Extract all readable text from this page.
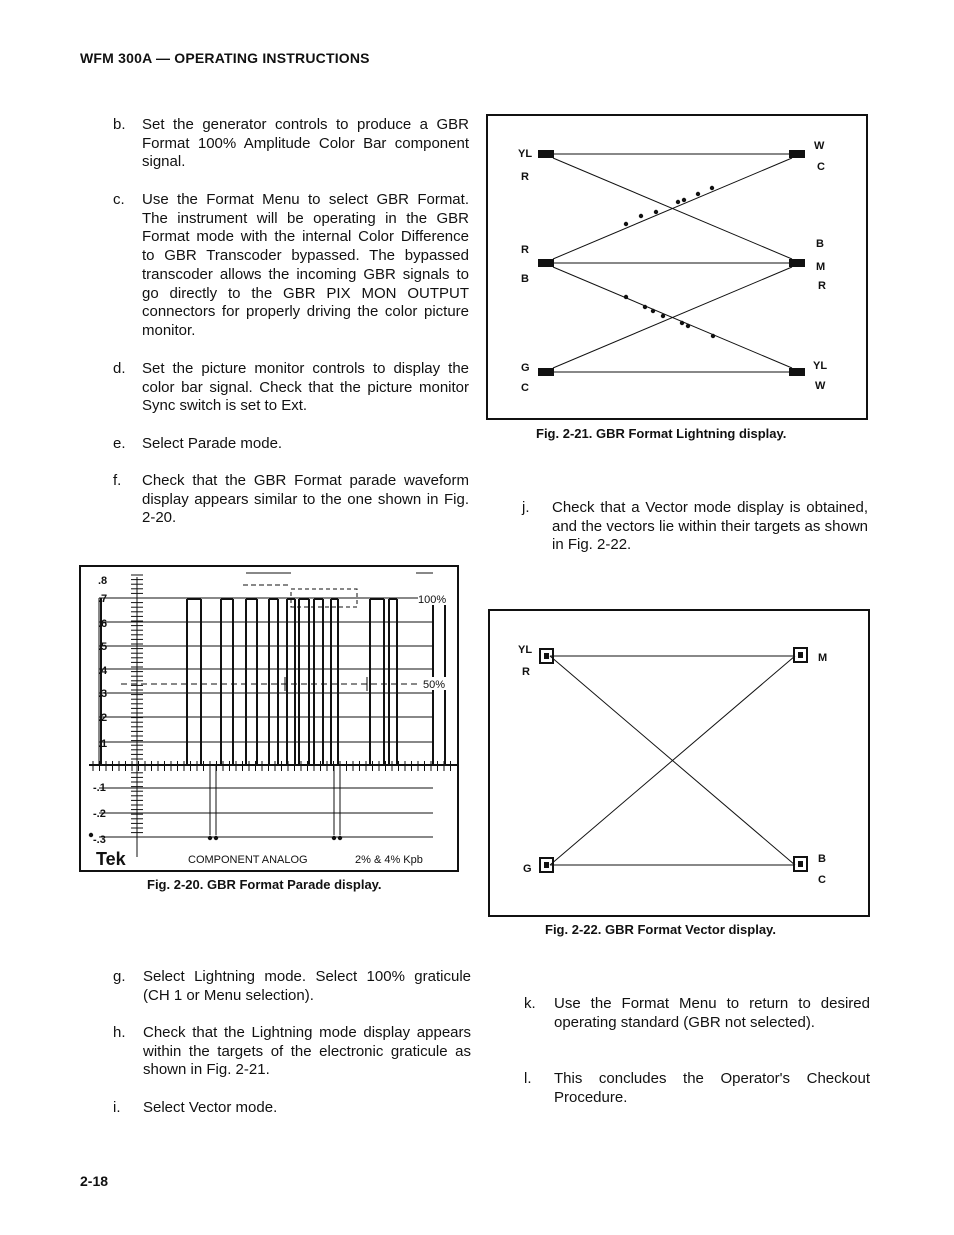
WFM 300A — OPERATING INSTRUCTIONS
b. Set the generator controls to produce a GBR Format 100% Amplitude Color Bar component signal.
c. Use the Format Menu to select GBR Format. The instrument will be operating in the GBR Format mode with the internal Color Difference to GBR Transcoder bypassed. The bypassed transcoder allows the incoming GBR signals to go directly to the GBR PIX MON OUTPUT connectors for properly driving the color picture monitor.
d. Set the picture monitor controls to display the color bar signal. Check that the picture monitor Sync switch is set to Ext.
e. Select Parade mode.
f. Check that the GBR Format parade waveform display appears similar to the one shown in Fig. 2-20.
g. Select Lightning mode. Select 100% graticule (CH 1 or Menu selection).
h. Check that the Lightning mode display appears within the targets of the electronic graticule as shown in Fig. 2-21.
i. Select Vector mode.
j. Check that a Vector mode display is obtained, and the vectors lie within their targets as shown in Fig. 2-22.
k. Use the Format Menu to return to desired operating standard (GBR not selected).
l. This concludes the Operator's Checkout Procedure.
YL
R
W
C
R
B
B
M
R
G
C
YL
W
Fig. 2-21. GBR Format Lightning display.
.8
.7
.6
.5
.4
.3
.2
.1
-.1
-.2
-.3
100%
50%
Tek	COMPONENT ANALOG	2% & 4% Kpb
Fig. 2-20. GBR Format Parade display.
YL
R
M
G
B
C
Fig. 2-22. GBR Format Vector display.
2-18
